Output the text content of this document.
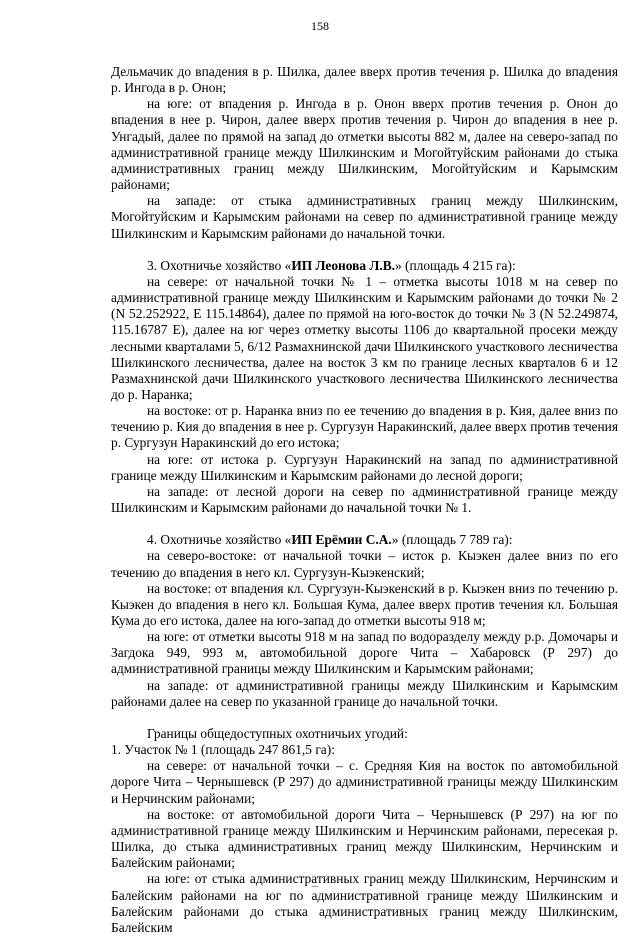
158

Дельмачик до впадения в р. Шилка, далее вверх против течения р. Шилка до впадения р. Ингода в р. Онон;

на юге: от впадения р. Ингода в р. Онон вверх против течения р. Онон до впадения в нее р. Чирон, далее вверх против течения р. Чирон до впадения в нее р. Унгадый, далее по прямой на запад до отметки высоты 882 м, далее на северо-запад по административной границе между Шилкинским и Могойтуйским районами до стыка административных границ между Шилкинским, Могойтуйским и Карымским районами;

на западе: от стыка административных границ между Шилкинским, Могойтуйским и Карымским районами на север по административной границе между Шилкинским и Карымским районами до начальной точки.

3. Охотничье хозяйство «ИП Леонова Л.В.» (площадь 4 215 га):

на севере: от начальной точки № 1 – отметка высоты 1018 м на север по административной границе между Шилкинским и Карымским районами до точки № 2 (N 52.252922, E 115.14864), далее по прямой на юго-восток до точки № 3 (N 52.249874, 115.16787 E), далее на юг через отметку высоты 1106 до квартальной просеки между лесными кварталами 5, 6/12 Размахнинской дачи Шилкинского участкового лесничества Шилкинского лесничества, далее на восток 3 км по границе лесных кварталов 6 и 12 Размахнинской дачи Шилкинского участкового лесничества Шилкинского лесничества до р. Наранка;

на востоке: от р. Наранка вниз по ее течению до впадения в р. Кия, далее вниз по течению р. Кия до впадения в нее р. Сургузун Наракинский, далее вверх против течения р. Сургузун Наракинский до его истока;

на юге: от истока р. Сургузун Наракинский на запад по административной границе между Шилкинским и Карымским районами до лесной дороги;

на западе: от лесной дороги на север по административной границе между Шилкинским и Карымским районами до начальной точки № 1.

4. Охотничье хозяйство «ИП Ерёмин С.А.» (площадь 7 789 га):

на северо-востоке: от начальной точки – исток р. Кыэкен далее вниз по его течению до впадения в него кл. Сургузун-Кыэкенский;

на востоке: от впадения кл. Сургузун-Кыэкенский в р. Кыэкен вниз по течению р. Кыэкен до впадения в него кл. Большая Кума, далее вверх против течения кл. Большая Кума до его истока, далее на юго-запад до отметки высоты 918 м;

на юге: от отметки высоты 918 м на запад по водоразделу между р.р. Домочары и Загдока 949, 993 м, автомобильной дороге Чита – Хабаровск (Р 297) до административной границы между Шилкинским и Карымским районами;

на западе: от административной границы между Шилкинским и Карымским районами далее на север по указанной границе до начальной точки.

Границы общедоступных охотничьих угодий:
1. Участок № 1 (площадь 247 861,5 га):

на севере: от начальной точки – с. Средняя Кия на восток по автомобильной дороге Чита – Чернышевск (Р 297) до административной границы между Шилкинским и Нерчинским районами;

на востоке: от автомобильной дороги Чита – Чернышевск (Р 297) на юг по административной границе между Шилкинским и Нерчинским районами, пересекая р. Шилка, до стыка административных границ между Шилкинским, Нерчинским и Балейским районами;

на юге: от стыка административных границ между Шилкинским, Нерчинским и Балейским районами на юг по административной границе между Шилкинским и Балейским районами до стыка административных границ между Шилкинским, Балейским
